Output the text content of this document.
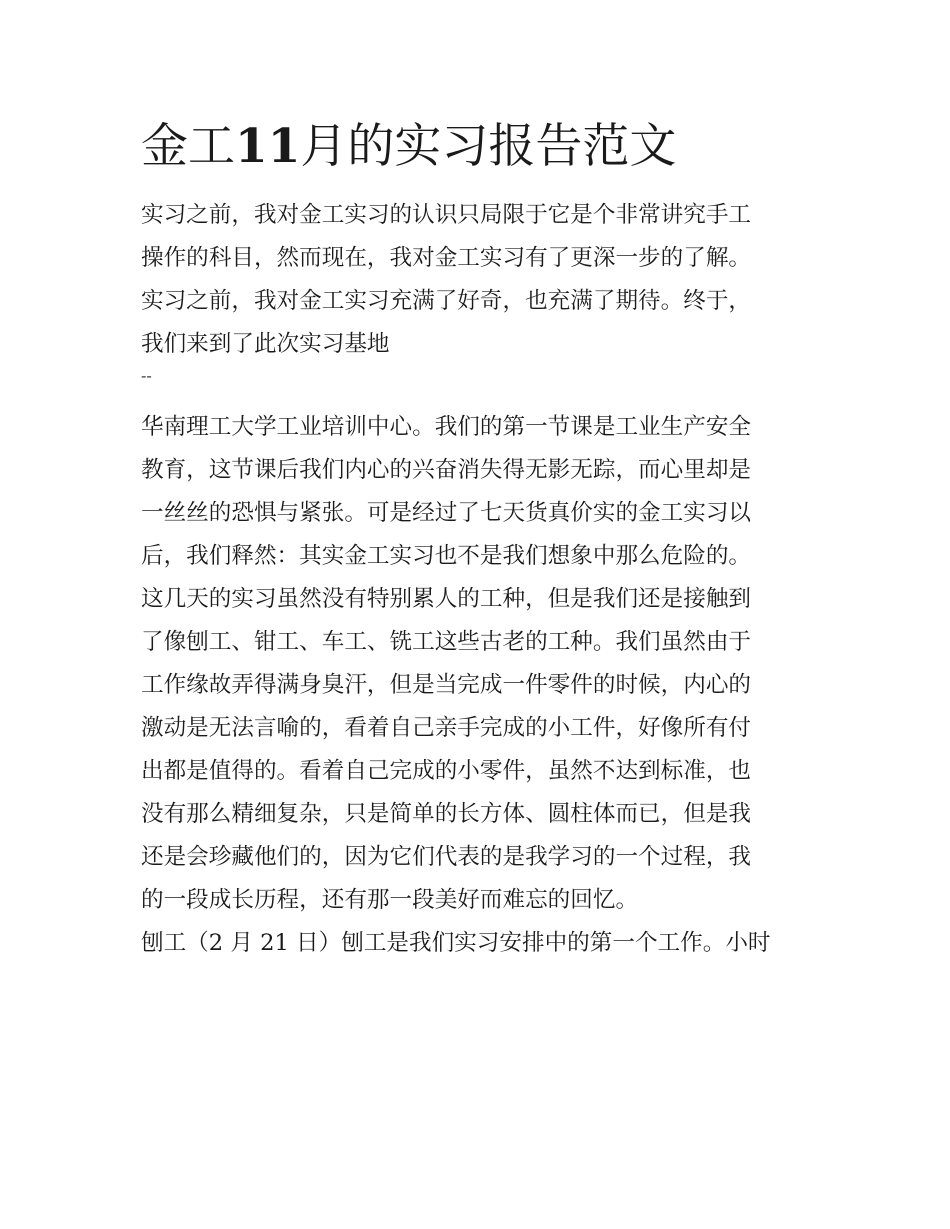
金工11月的实习报告范文
实习之前，我对金工实习的认识只局限于它是个非常讲究手工
操作的科目，然而现在，我对金工实习有了更深一步的了解。
实习之前，我对金工实习充满了好奇，也充满了期待。终于，
我们来到了此次实习基地
--
华南理工大学工业培训中心。我们的第一节课是工业生产安全
教育，这节课后我们内心的兴奋消失得无影无踪，而心里却是
一丝丝的恐惧与紧张。可是经过了七天货真价实的金工实习以
后，我们释然：其实金工实习也不是我们想象中那么危险的。
这几天的实习虽然没有特别累人的工种，但是我们还是接触到
了像刨工、钳工、车工、铣工这些古老的工种。我们虽然由于
工作缘故弄得满身臭汗，但是当完成一件零件的时候，内心的
激动是无法言喻的，看着自己亲手完成的小工件，好像所有付
出都是值得的。看着自己完成的小零件，虽然不达到标准，也
没有那么精细复杂，只是简单的长方体、圆柱体而已，但是我
还是会珍藏他们的，因为它们代表的是我学习的一个过程，我
的一段成长历程，还有那一段美好而难忘的回忆。
刨工（2 月 21 日）刨工是我们实习安排中的第一个工作。小时
